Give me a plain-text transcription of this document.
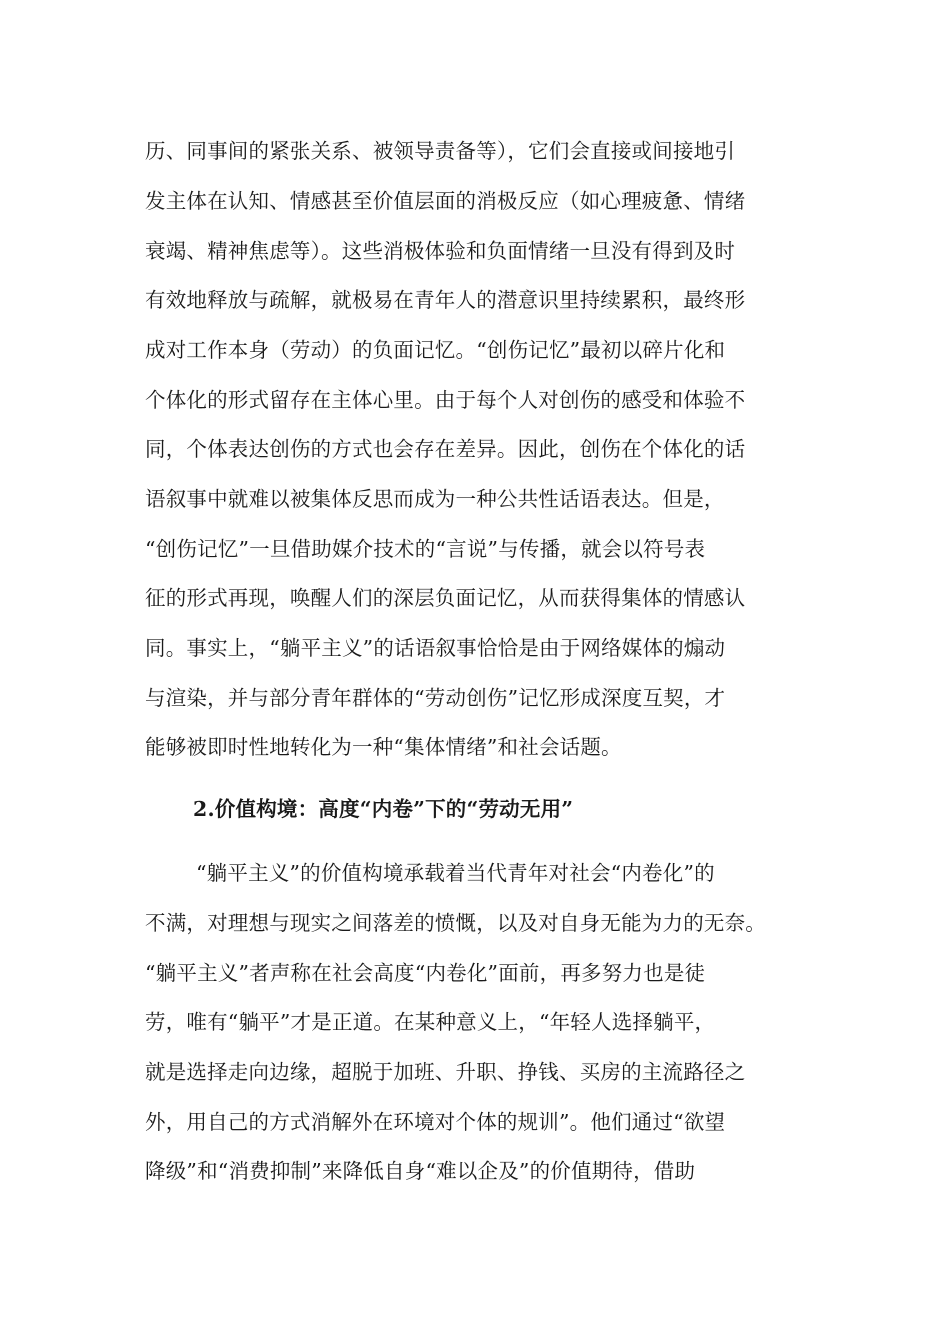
历、同事间的紧张关系、被领导责备等），它们会直接或间接地引
发主体在认知、情感甚至价值层面的消极反应（如心理疲惫、情绪
衰竭、精神焦虑等）。这些消极体验和负面情绪一旦没有得到及时
有效地释放与疏解，就极易在青年人的潜意识里持续累积，最终形
成对工作本身（劳动）的负面记忆。“创伤记忆”最初以碎片化和
个体化的形式留存在主体心里。由于每个人对创伤的感受和体验不
同，个体表达创伤的方式也会存在差异。因此，创伤在个体化的话
语叙事中就难以被集体反思而成为一种公共性话语表达。但是，
“创伤记忆”一旦借助媒介技术的“言说”与传播，就会以符号表
征的形式再现，唤醒人们的深层负面记忆，从而获得集体的情感认
同。事实上，“躺平主义”的话语叙事恰恰是由于网络媒体的煽动
与渲染，并与部分青年群体的“劳动创伤”记忆形成深度互契，才
能够被即时性地转化为一种“集体情绪”和社会话题。
2.价值构境：高度“内卷”下的“劳动无用”
“躺平主义”的价值构境承载着当代青年对社会“内卷化”的
不满，对理想与现实之间落差的愤慨，以及对自身无能为力的无奈。
“躺平主义”者声称在社会高度“内卷化”面前，再多努力也是徒
劳，唯有“躺平”才是正道。在某种意义上，“年轻人选择躺平，
就是选择走向边缘，超脱于加班、升职、挣钱、买房的主流路径之
外，用自己的方式消解外在环境对个体的规训”。他们通过“欲望
降级”和“消费抑制”来降低自身“难以企及”的价值期待，借助
